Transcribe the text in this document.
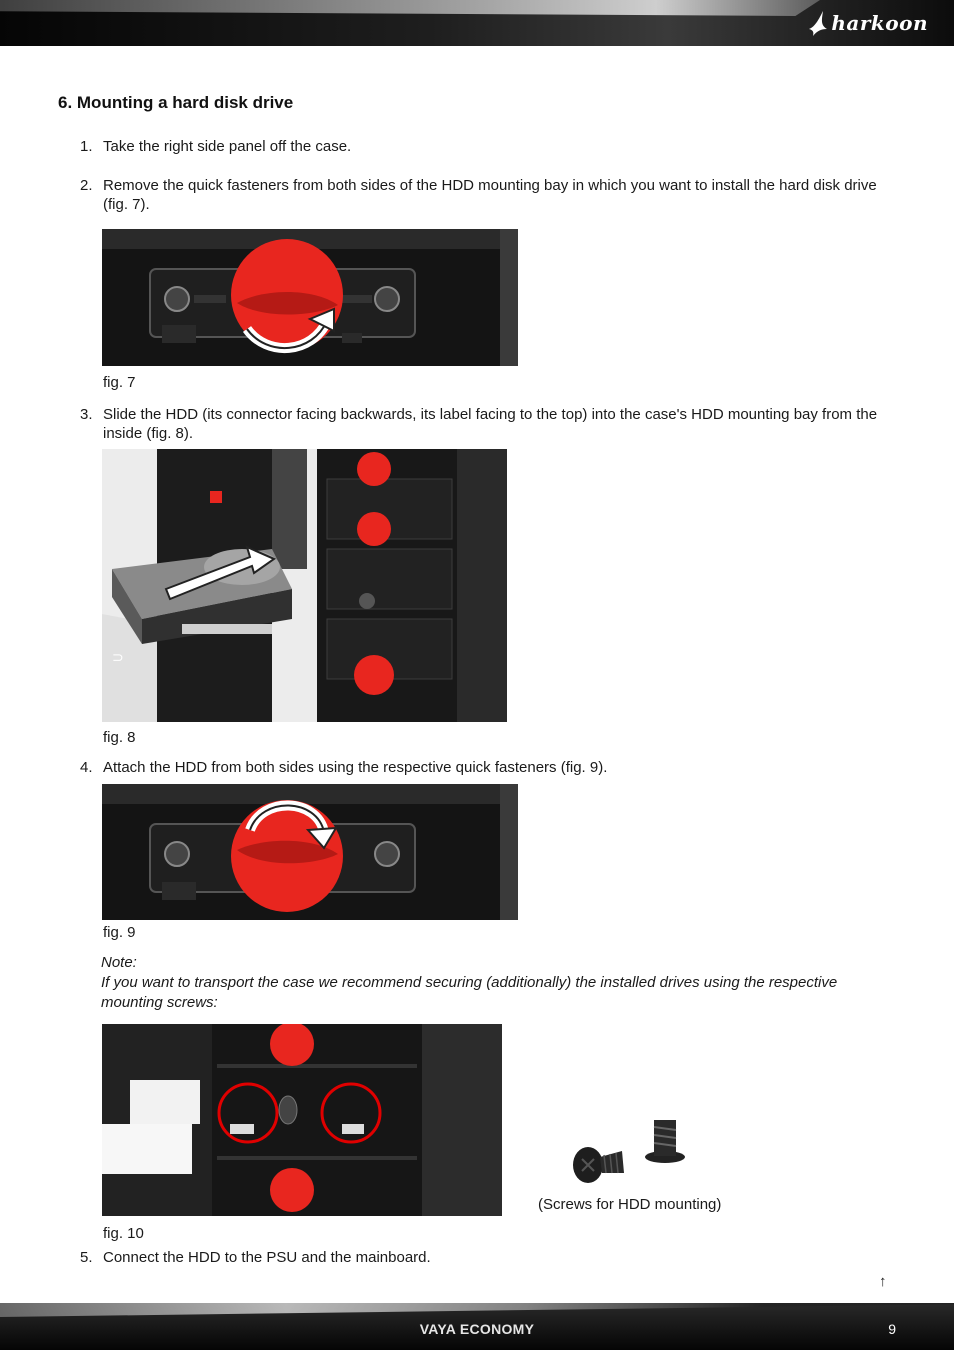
harkoon
6. Mounting a hard disk drive
1. Take the right side panel off the case.
2. Remove the quick fasteners from both sides of the HDD mounting bay in which you want to install the hard disk drive (fig. 7).
fig. 7
3. Slide the HDD (its connector facing backwards, its label facing to the top) into the case's HDD mounting bay from the inside (fig. 8).
⊃
fig. 8
4. Attach the HDD from both sides using the respective quick fasteners (fig. 9).
fig. 9
Note:
If you want to transport the case we recommend securing (additionally) the installed drives using the respective mounting screws:
fig. 10
(Screws for HDD mounting)
5. Connect the HDD to the PSU and the mainboard.
↑
VAYA ECONOMY	9
